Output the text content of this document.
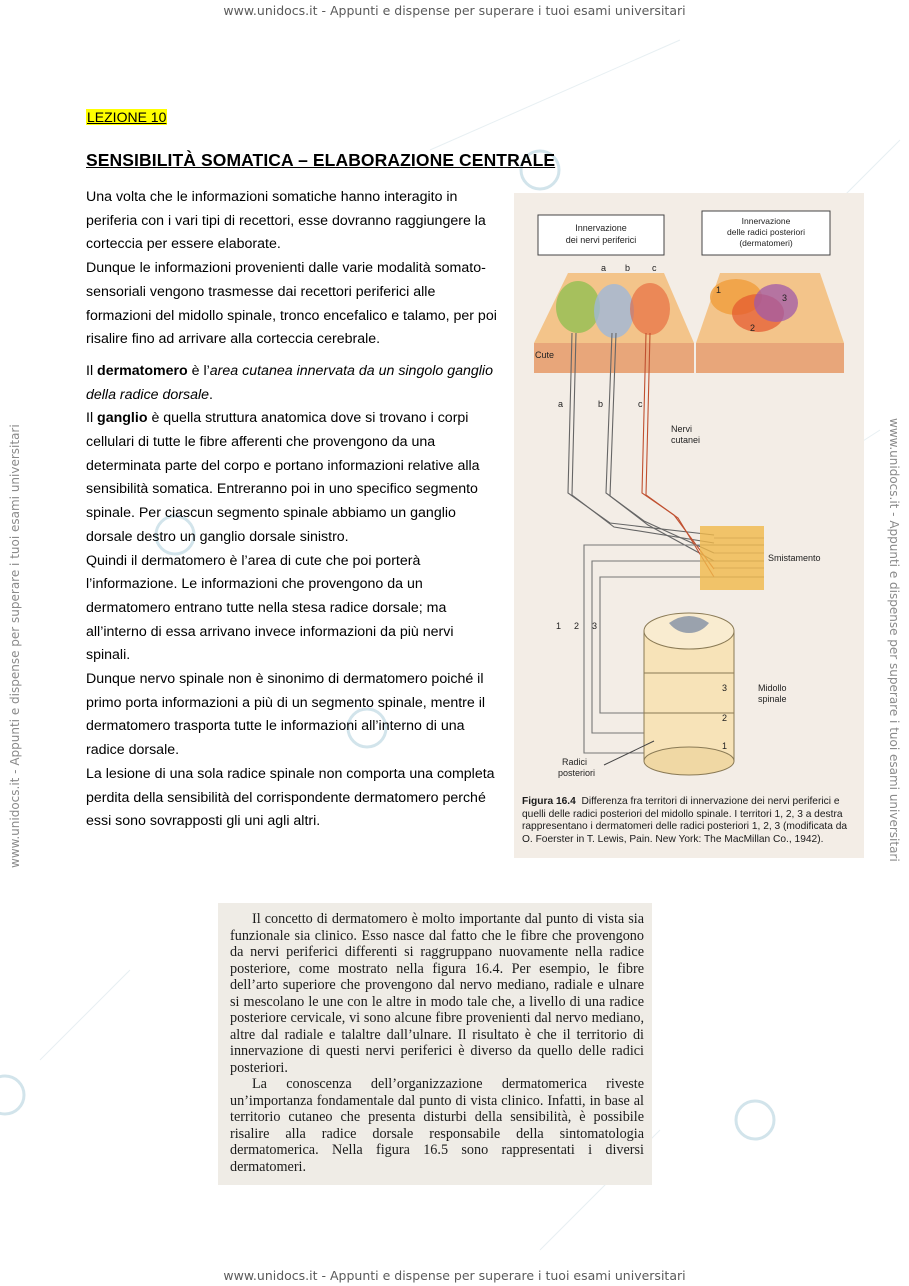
www.unidocs.it - Appunti e dispense per superare i tuoi esami universitari
www.unidocs.it - Appunti e dispense per superare i tuoi esami universitari
www.unidocs.it - Appunti e dispense per superare i tuoi esami universitari	www.unidocs.it - Appunti e dispense per superare i tuoi esami universitari
LEZIONE 10
SENSIBILITÀ SOMATICA – ELABORAZIONE CENTRALE

Una volta che le informazioni somatiche hanno interagito in periferia con i vari tipi di recettori, esse dovranno raggiungere la corteccia per essere elaborate.

Dunque le informazioni provenienti dalle varie modalità somato-sensoriali vengono trasmesse dai recettori periferici alle formazioni del midollo spinale, tronco encefalico e talamo, per poi risalire fino ad arrivare alla corteccia cerebrale.

Il dermatomero è l’area cutanea innervata da un singolo ganglio della radice dorsale.

Il ganglio è quella struttura anatomica dove si trovano i corpi cellulari di tutte le fibre afferenti che provengono da una determinata parte del corpo e portano informazioni relative alla sensibilità somatica. Entreranno poi in uno specifico segmento spinale. Per ciascun segmento spinale abbiamo un ganglio dorsale destro un ganglio dorsale sinistro.

Quindi il dermatomero è l’area di cute che poi porterà l’informazione. Le informazioni che provengono da un dermatomero entrano tutte nella stesa radice dorsale; ma all’interno di essa arrivano invece informazioni da più nervi spinali.

Dunque nervo spinale non è sinonimo di dermatomero poiché il primo porta informazioni a più di un segmento spinale, mentre il dermatomero trasporta tutte le informazioni all’interno di una radice dorsale.

La lesione di una sola radice spinale non comporta una completa perdita della sensibilità del corrispondente dermatomero perché essi sono sovrapposti gli uni agli altri.

Innervazione
dei nervi periferici
Innervazione
delle radici posteriori
(dermatomeri)
a b c
1
2
3
Cute
a	b	c
Nervi cutanei
Smistamento
1 2 3
3
2
1
Midollo spinale
Radici posteriori
Figura 16.4 Differenza fra territori di innervazione dei nervi periferici e quelli delle radici posteriori del midollo spinale. I territori 1, 2, 3 a destra rappresentano i dermatomeri delle radici posteriori 1, 2, 3 (modificata da O. Foerster in T. Lewis, Pain. New York: The MacMillan Co., 1942).

Il concetto di dermatomero è molto importante dal punto di vista sia funzionale sia clinico. Esso nasce dal fatto che le fibre che provengono da nervi periferici differenti si raggruppano nuovamente nella radice posteriore, come mostrato nella figura 16.4. Per esempio, le fibre dell’arto superiore che provengono dal nervo mediano, radiale e ulnare si mescolano le une con le altre in modo tale che, a livello di una radice posteriore cervicale, vi sono alcune fibre provenienti dal nervo mediano, altre dal radiale e talaltre dall’ulnare. Il risultato è che il territorio di innervazione di questi nervi periferici è diverso da quello delle radici posteriori.

La conoscenza dell’organizzazione dermatomerica riveste un’importanza fondamentale dal punto di vista clinico. Infatti, in base al territorio cutaneo che presenta disturbi della sensibilità, è possibile risalire alla radice dorsale responsabile della sintomatologia dermatomerica. Nella figura 16.5 sono rappresentati i diversi dermatomeri.
